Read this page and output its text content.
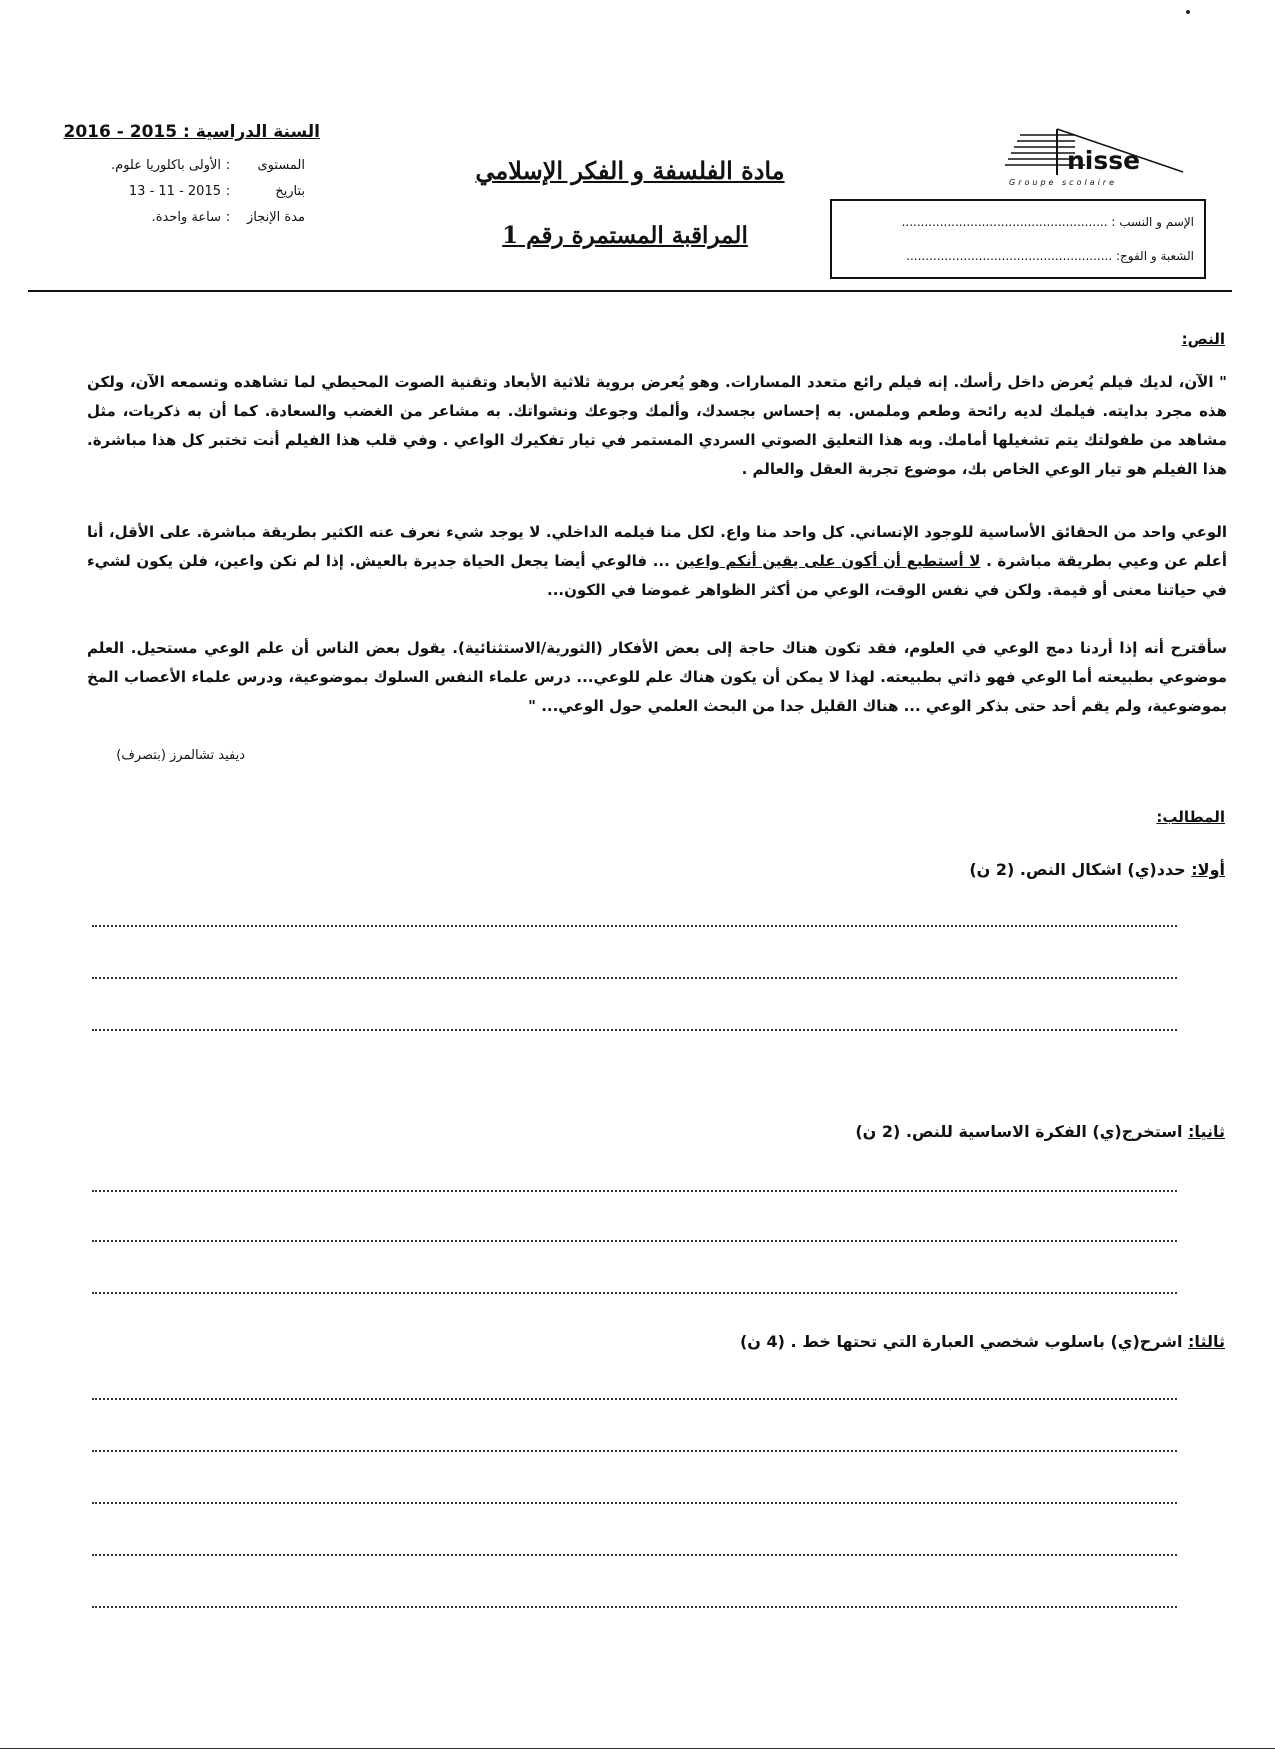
السنة الدراسية : 2015 - 2016
المستوى
:
الأولى باكلوريا علوم.
بتاريخ
:
13 - 11 - 2015
مدة الإنجاز
:
ساعة واحدة.
مادة الفلسفة و الفكر الإسلامي
المراقبة المستمرة رقم 1
nisse
Groupe scolaire
الإسم و النسب : ......................................................
الشعبة و الفوج: ......................................................
النص:
" الآن، لديك فيلم يُعرض داخل رأسك. إنه فيلم رائع متعدد المسارات. وهو يُعرض بروية ثلاثية الأبعاد وتقنية الصوت المحيطي لما تشاهده وتسمعه الآن، ولكن هذه مجرد بدايته. فيلمك لديه رائحة وطعم وملمس. به إحساس بجسدك، وألمك وجوعك ونشواتك. به مشاعر من الغضب والسعادة. كما أن به ذكريات، مثل مشاهد من طفولتك يتم تشغيلها أمامك. وبه هذا التعليق الصوتي السردي المستمر في تيار تفكيرك الواعي . وفي قلب هذا الفيلم أنت تختبر كل هذا مباشرة. هذا الفيلم هو تيار الوعي الخاص بك، موضوع تجربة العقل والعالم .
الوعي واحد من الحقائق الأساسية للوجود الإنساني. كل واحد منا واع. لكل منا فيلمه الداخلي. لا يوجد شيء نعرف عنه الكثير بطريقة مباشرة. على الأقل، أنا أعلم عن وعيي بطريقة مباشرة . لا أستطيع أن أكون على يقين أنكم واعين ... فالوعي أيضا يجعل الحياة جديرة بالعيش. إذا لم نكن واعين، فلن يكون لشيء في حياتنا معنى أو قيمة. ولكن في نفس الوقت، الوعي من أكثر الظواهر غموضا في الكون...
سأقترح أنه إذا أردنا دمج الوعي في العلوم، فقد تكون هناك حاجة إلى بعض الأفكار (الثورية/الاستثنائية). يقول بعض الناس أن علم الوعي مستحيل. العلم موضوعي بطبيعته أما الوعي فهو ذاتي بطبيعته. لهذا لا يمكن أن يكون هناك علم للوعي... درس علماء النفس السلوك بموضوعية، ودرس علماء الأعصاب المخ بموضوعية، ولم يقم أحد حتى بذكر الوعي ... هناك القليل جدا من البحث العلمي حول الوعي... "
ديفيد تشالمرز (بتصرف)
المطالب:
أولا: حدد(ي) اشكال النص. (2 ن)
ثانيا: استخرج(ي) الفكرة الاساسية للنص. (2 ن)
ثالثا: اشرح(ي) باسلوب شخصي العبارة التي تحتها خط . (4 ن)
